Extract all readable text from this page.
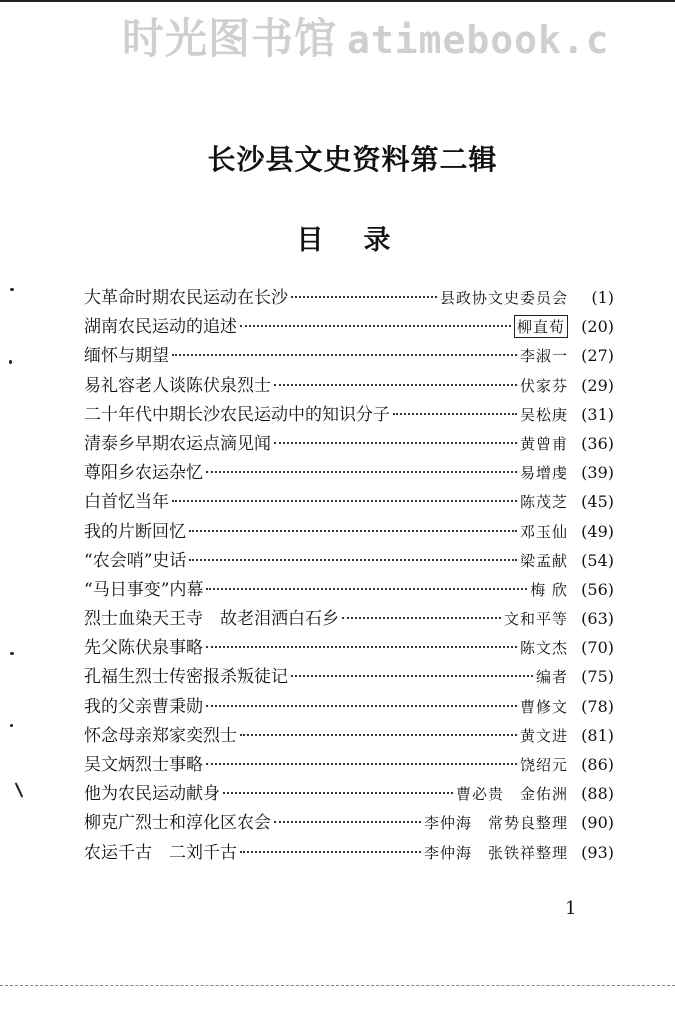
时光图书馆 atimebook.c
长沙县文史资料第二辑
目录
大革命时期农民运动在长沙	县政协文史委员会	(1)
湖南农民运动的追述	柳直荀	(20)
缅怀与期望	李淑一 (27)
易礼容老人谈陈伏泉烈士	伏家芬 (29)
二十年代中期长沙农民运动中的知识分子	吴松庚 (31)
清泰乡早期农运点滴见闻	黄曾甫 (36)
尊阳乡农运杂忆	易增虔 (39)
白首忆当年	陈茂芝 (45)
我的片断回忆	邓玉仙 (49)
“农会哨”史话	梁孟献 (54)
“马日事变”内幕	梅 欣 (56)
烈士血染天王寺　故老泪洒白石乡	文和平等 (63)
先父陈伏泉事略	陈文杰 (70)
孔福生烈士传密报杀叛徒记	编者 (75)
我的父亲曹秉勋	曹修文 (78)
怀念母亲郑家奕烈士	黄文进 (81)
吴文炳烈士事略	饶绍元 (86)
他为农民运动献身	曹必贵　金佑洲 (88)
柳克广烈士和淳化区农会	李仲海　常势良整理 (90)
农运千古　二刘千古	李仲海　张铁祥整理 (93)
1
